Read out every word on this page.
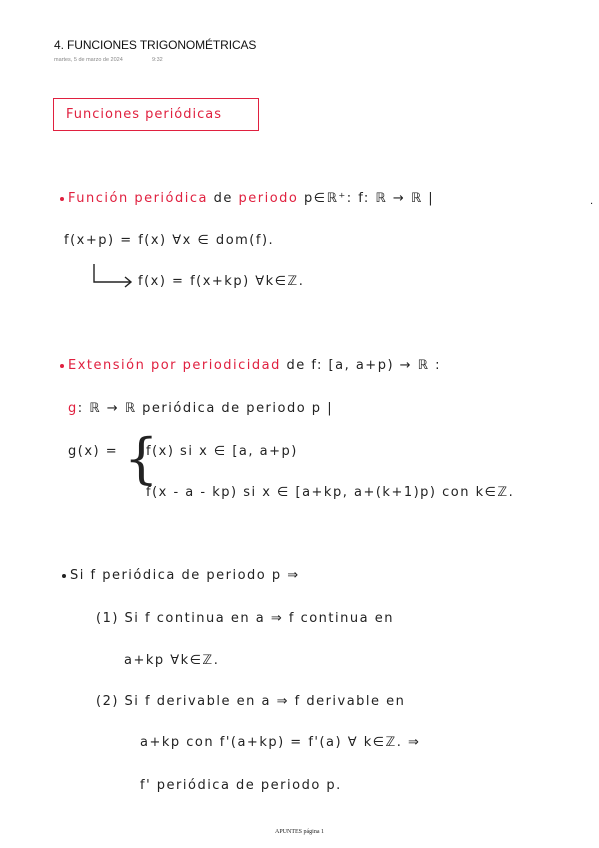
4. FUNCIONES TRIGONOMÉTRICAS
martes, 5 de marzo de 2024	9:32
Funciones periódicas
Función periódica de periodo p∈ℝ⁺: f: ℝ → ℝ |	.
f(x+p) = f(x) ∀x ∈ dom(f).
f(x) = f(x+kp) ∀k∈ℤ.
Extensión por periodicidad de f: [a, a+p) → ℝ :
g: ℝ → ℝ periódica de periodo p |
g(x) = {
f(x) si x ∈ [a, a+p)
f(x - a - kp) si x ∈ [a+kp, a+(k+1)p) con k∈ℤ.
Si f periódica de periodo p ⇒
(1) Si f continua en a ⇒ f continua en
a+kp ∀k∈ℤ.
(2) Si f derivable en a ⇒ f derivable en
a+kp con f'(a+kp) = f'(a) ∀ k∈ℤ. ⇒
f' periódica de periodo p.
APUNTES página 1
